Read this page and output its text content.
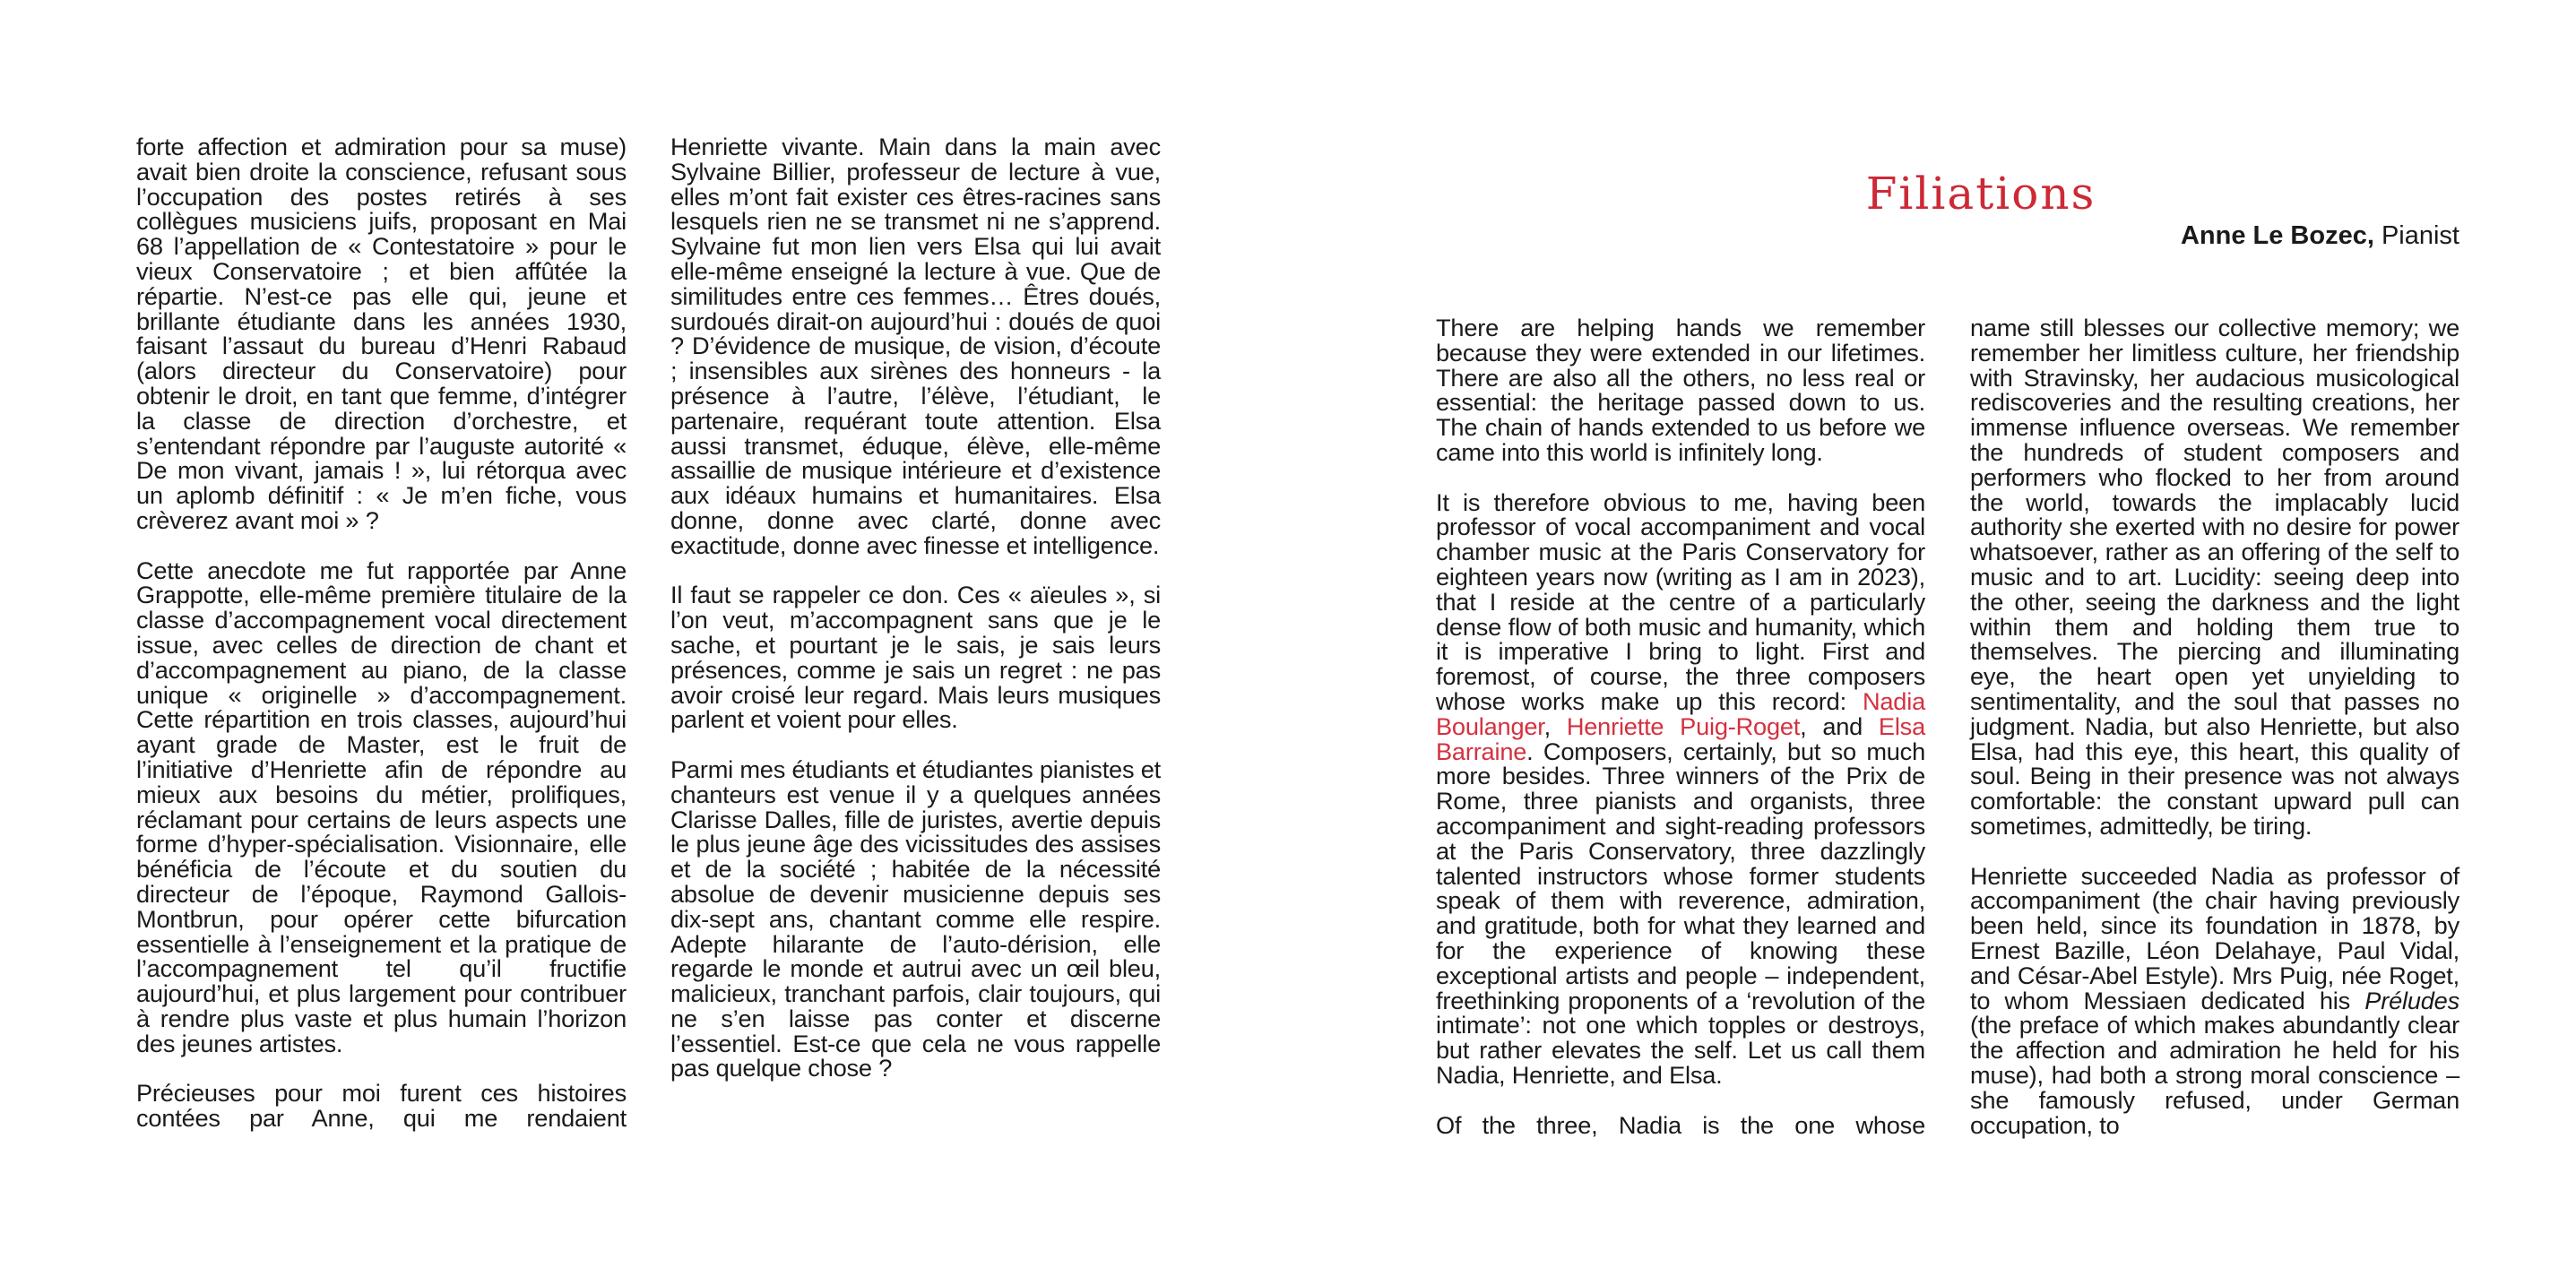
forte affection et admiration pour sa muse) avait bien droite la conscience, refusant sous l’occupation des postes retirés à ses collègues musiciens juifs, proposant en Mai 68 l’appellation de « Contestatoire » pour le vieux Conservatoire ; et bien affûtée la répartie. N’est-ce pas elle qui, jeune et brillante étudiante dans les années 1930, faisant l’assaut du bureau d’Henri Rabaud (alors directeur du Conservatoire) pour obtenir le droit, en tant que femme, d’intégrer la classe de direction d’orchestre, et s’entendant répondre par l’auguste autorité « De mon vivant, jamais ! », lui rétorqua avec un aplomb définitif : « Je m’en fiche, vous crèverez avant moi » ?

Cette anecdote me fut rapportée par Anne Grappotte, elle-même première titulaire de la classe d’accompagnement vocal directement issue, avec celles de direction de chant et d’accompagnement au piano, de la classe unique « originelle » d’accompagnement. Cette répartition en trois classes, aujourd’hui ayant grade de Master, est le fruit de l’initiative d’Henriette afin de répondre au mieux aux besoins du métier, prolifiques, réclamant pour certains de leurs aspects une forme d’hyper-spécialisation. Visionnaire, elle bénéficia de l’écoute et du soutien du directeur de l’époque, Raymond Gallois-Montbrun, pour opérer cette bifurcation essentielle à l’enseignement et la pratique de l’accompagnement tel qu’il fructifie aujourd’hui, et plus largement pour contribuer à rendre plus vaste et plus humain l’horizon des jeunes artistes.

Précieuses pour moi furent ces histoires contées par Anne, qui me rendaient

Henriette vivante. Main dans la main avec Sylvaine Billier, professeur de lecture à vue, elles m’ont fait exister ces êtres-racines sans lesquels rien ne se transmet ni ne s’apprend. Sylvaine fut mon lien vers Elsa qui lui avait elle-même enseigné la lecture à vue. Que de similitudes entre ces femmes… Êtres doués, surdoués dirait-on aujourd’hui : doués de quoi ? D’évidence de musique, de vision, d’écoute ; insensibles aux sirènes des honneurs - la présence à l’autre, l’élève, l’étudiant, le partenaire, requérant toute attention. Elsa aussi transmet, éduque, élève, elle-même assaillie de musique intérieure et d’existence aux idéaux humains et humanitaires. Elsa donne, donne avec clarté, donne avec exactitude, donne avec finesse et intelligence.

Il faut se rappeler ce don. Ces « aïeules », si l’on veut, m’accompagnent sans que je le sache, et pourtant je le sais, je sais leurs présences, comme je sais un regret : ne pas avoir croisé leur regard. Mais leurs musiques parlent et voient pour elles.

Parmi mes étudiants et étudiantes pianistes et chanteurs est venue il y a quelques années Clarisse Dalles, fille de juristes, avertie depuis le plus jeune âge des vicissitudes des assises et de la société ; habitée de la nécessité absolue de devenir musicienne depuis ses dix-sept ans, chantant comme elle respire. Adepte hilarante de l’auto-dérision, elle regarde le monde et autrui avec un œil bleu, malicieux, tranchant parfois, clair toujours, qui ne s’en laisse pas conter et discerne l’essentiel. Est-ce que cela ne vous rappelle pas quelque chose ?

Filiations
Anne Le Bozec, Pianist

There are helping hands we remember because they were extended in our lifetimes. There are also all the others, no less real or essential: the heritage passed down to us. The chain of hands extended to us before we came into this world is infinitely long.

It is therefore obvious to me, having been professor of vocal accompaniment and vocal chamber music at the Paris Conservatory for eighteen years now (writing as I am in 2023), that I reside at the centre of a particularly dense flow of both music and humanity, which it is imperative I bring to light. First and foremost, of course, the three composers whose works make up this record: Nadia Boulanger, Henriette Puig-Roget, and Elsa Barraine. Composers, certainly, but so much more besides. Three winners of the Prix de Rome, three pianists and organists, three accompaniment and sight-reading professors at the Paris Conservatory, three dazzlingly talented instructors whose former students speak of them with reverence, admiration, and gratitude, both for what they learned and for the experience of knowing these exceptional artists and people – independent, freethinking proponents of a ‘revolution of the intimate’: not one which topples or destroys, but rather elevates the self. Let us call them Nadia, Henriette, and Elsa.

Of the three, Nadia is the one whose

name still blesses our collective memory; we remember her limitless culture, her friendship with Stravinsky, her audacious musicological rediscoveries and the resulting creations, her immense influence overseas. We remember the hundreds of student composers and performers who flocked to her from around the world, towards the implacably lucid authority she exerted with no desire for power whatsoever, rather as an offering of the self to music and to art. Lucidity: seeing deep into the other, seeing the darkness and the light within them and holding them true to themselves. The piercing and illuminating eye, the heart open yet unyielding to sentimentality, and the soul that passes no judgment. Nadia, but also Henriette, but also Elsa, had this eye, this heart, this quality of soul. Being in their presence was not always comfortable: the constant upward pull can sometimes, admittedly, be tiring.

Henriette succeeded Nadia as professor of accompaniment (the chair having previously been held, since its foundation in 1878, by Ernest Bazille, Léon Delahaye, Paul Vidal, and César-Abel Estyle). Mrs Puig, née Roget, to whom Messiaen dedicated his Préludes (the preface of which makes abundantly clear the affection and admiration he held for his muse), had both a strong moral conscience – she famously refused, under German occupation, to
